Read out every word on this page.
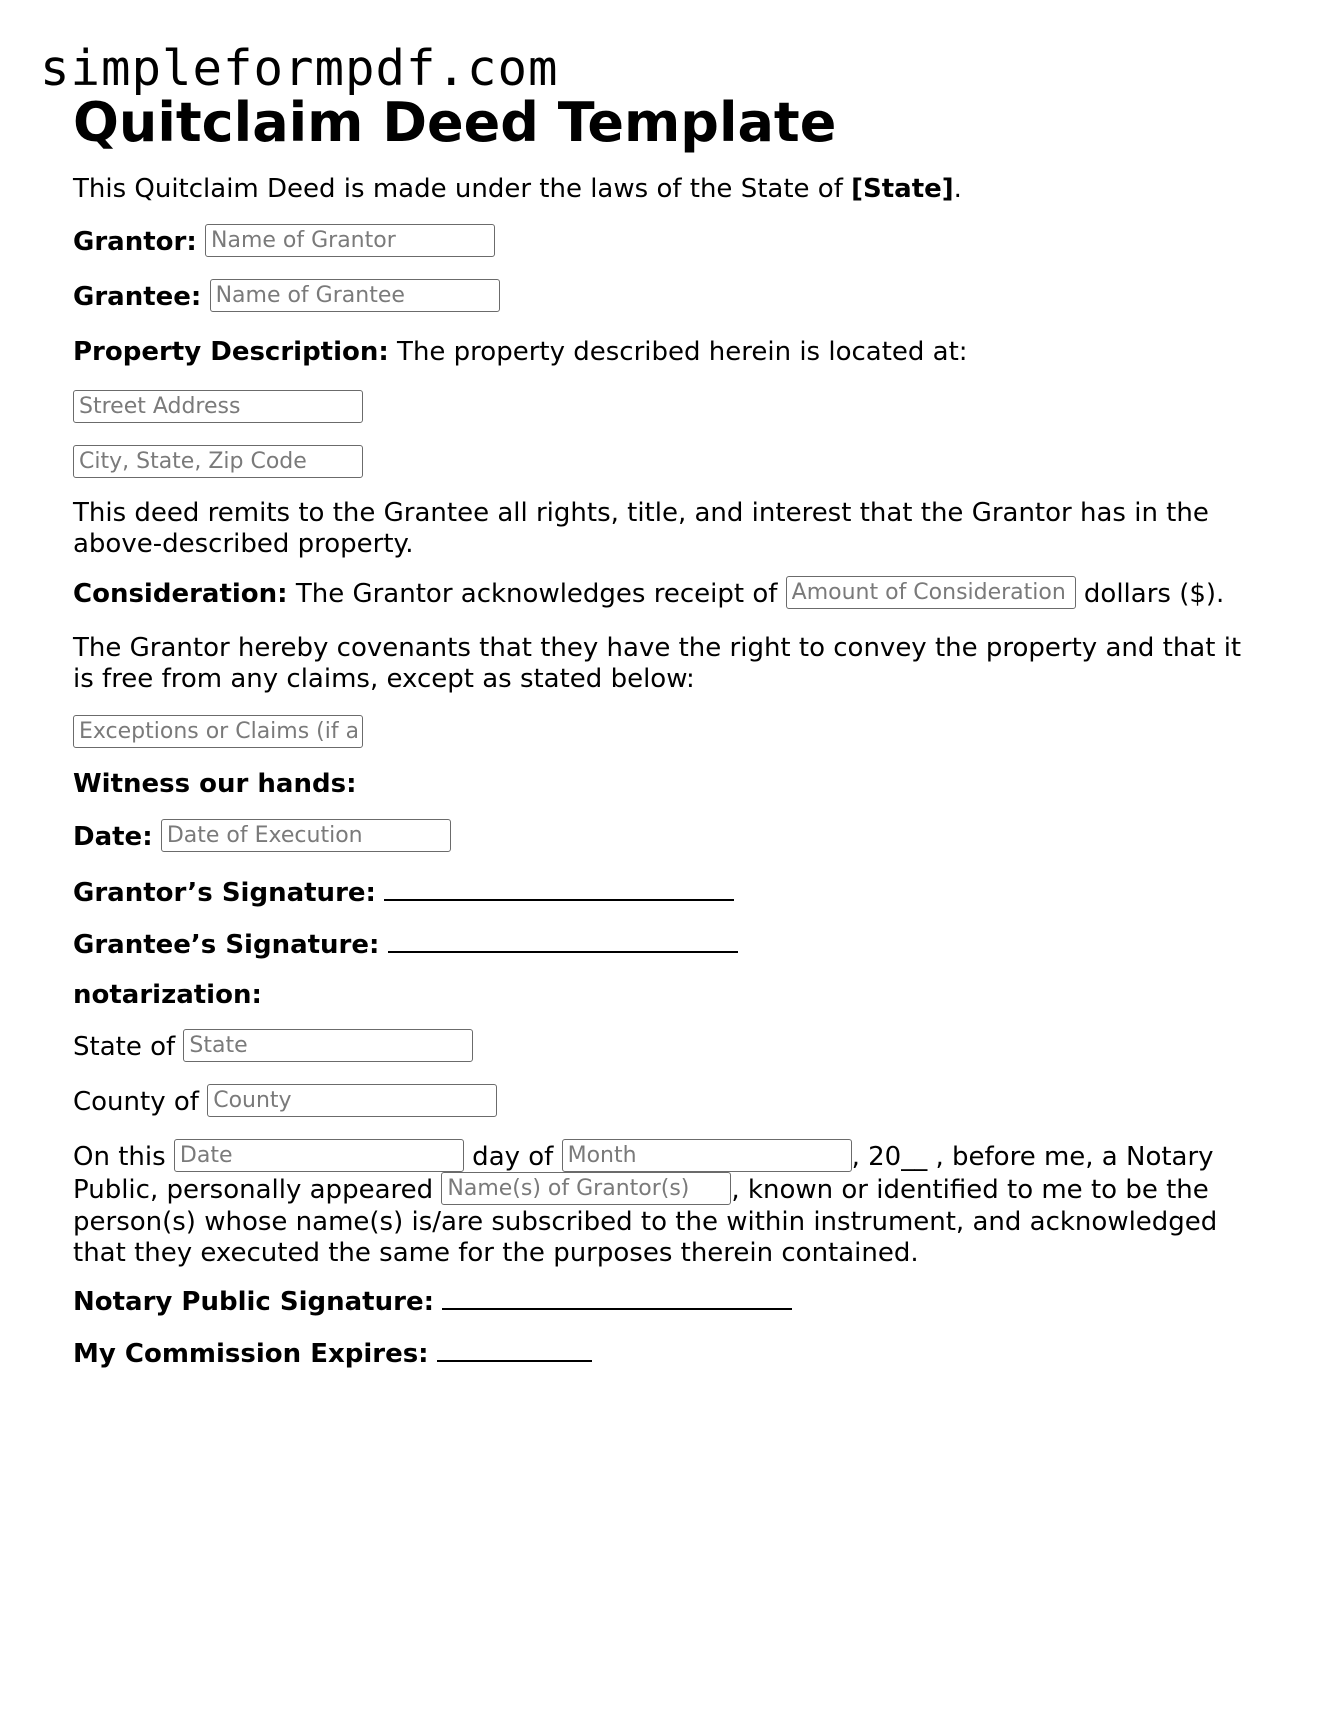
simpleformpdf.com
Quitclaim Deed Template
This Quitclaim Deed is made under the laws of the State of [State].
Grantor: Name of Grantor
Grantee: Name of Grantee
Property Description: The property described herein is located at:
Street Address
City, State, Zip Code
This deed remits to the Grantee all rights, title, and interest that the Grantor has in the above-described property.
Consideration: The Grantor acknowledges receipt of Amount of Consideration	dollars ($).
The Grantor hereby covenants that they have the right to convey the property and that it is free from any claims, except as stated below:
Exceptions or Claims (if any)
Witness our hands:
Date: Date of Execution
Grantor’s Signature:
Grantee’s Signature:
notarization:
State of State
County of County
On this Date	day of Month	, 20__ , before me, a Notary Public, personally appeared Name(s) of Grantor(s)	, known or identified to me to be the person(s) whose name(s) is/are subscribed to the within instrument, and acknowledged that they executed the same for the purposes therein contained.
Notary Public Signature:
My Commission Expires:
